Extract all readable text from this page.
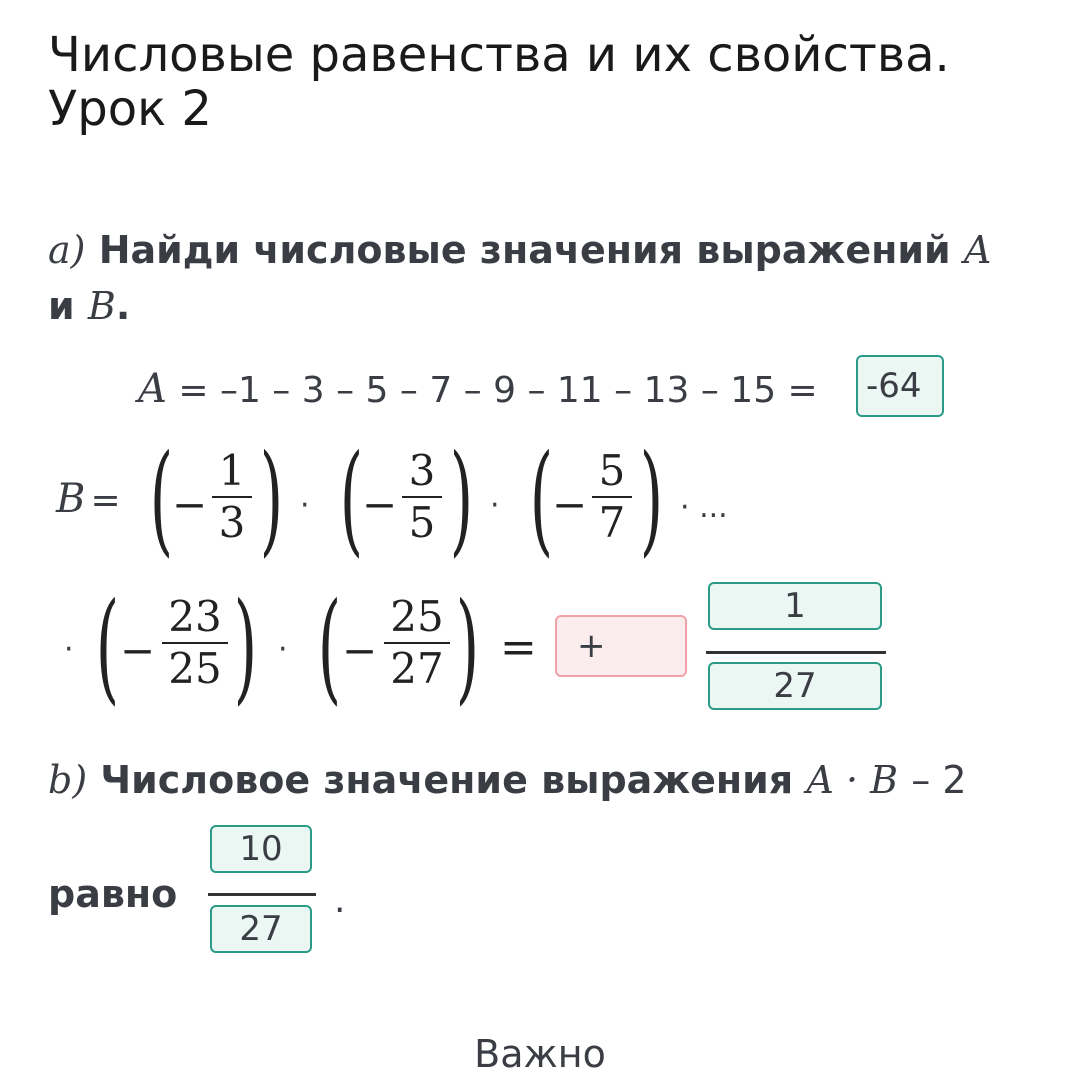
Числовые равенства и их свойства.
Урок 2
a) Найди числовые значения выражений A
и B.
A = –1 – 3 – 5 – 7 – 9 – 11 – 13 – 15 = -64
B = (
−
1
3 ) · (
−
3
5 ) · (
−
5
7 ) · ...
· ( −
23
25 ) · ( −
25
27 ) =	+
1
27
b) Числовое значение выражения A · B – 2
равно
10
27
.
Важно
